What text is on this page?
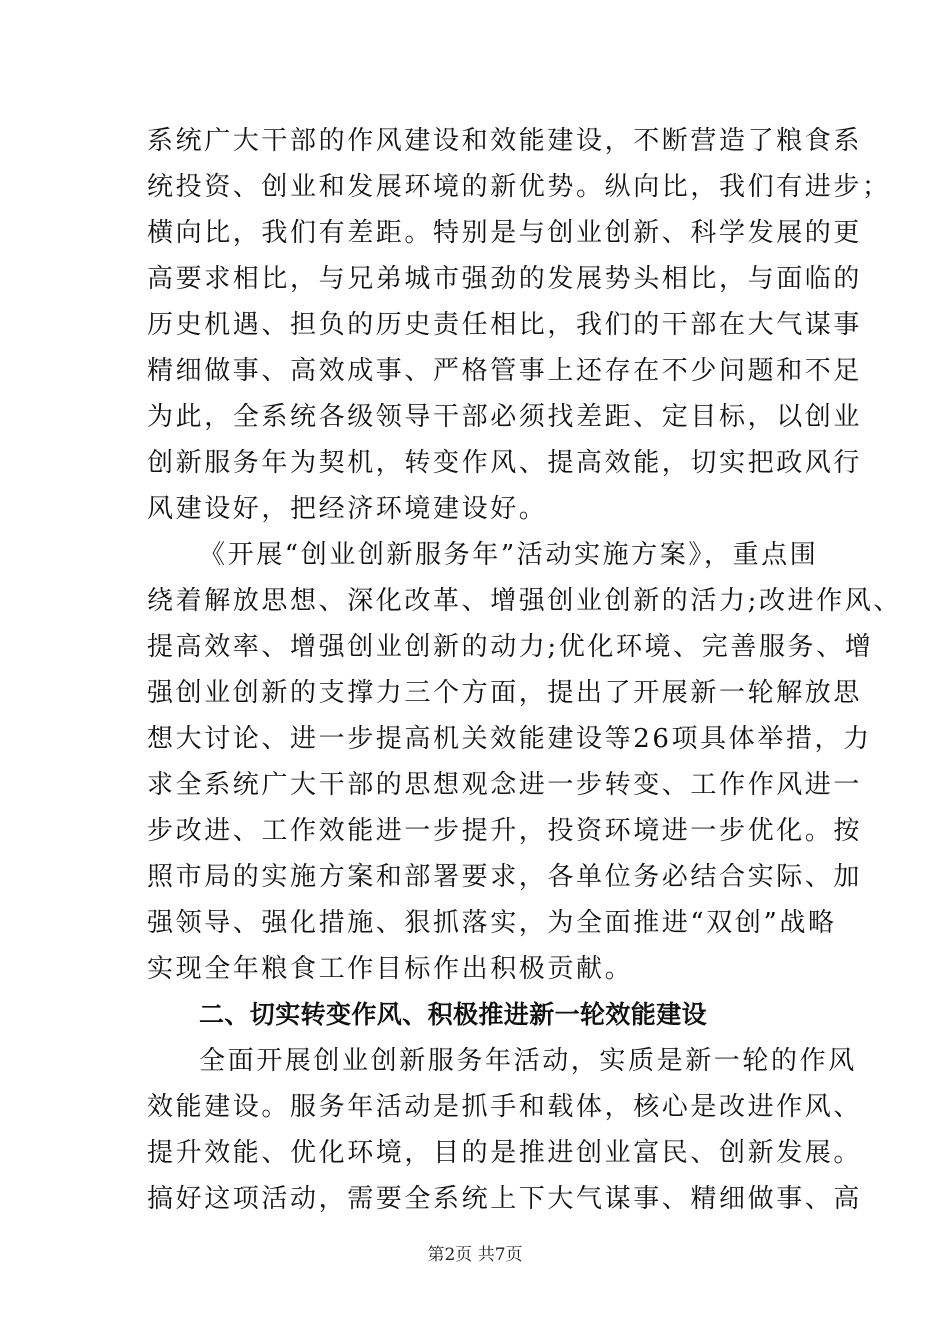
系统广大干部的作风建设和效能建设，不断营造了粮食系
统投资、创业和发展环境的新优势。纵向比，我们有进步；
横向比，我们有差距。特别是与创业创新、科学发展的更
高要求相比，与兄弟城市强劲的发展势头相比，与面临的
历史机遇、担负的历史责任相比，我们的干部在大气谋事
精细做事、高效成事、严格管事上还存在不少问题和不足
为此，全系统各级领导干部必须找差距、定目标，以创业
创新服务年为契机，转变作风、提高效能，切实把政风行
风建设好，把经济环境建设好。
《开展“创业创新服务年”活动实施方案》，重点围
绕着解放思想、深化改革、增强创业创新的活力;改进作风、
提高效率、增强创业创新的动力;优化环境、完善服务、增
强创业创新的支撑力三个方面，提出了开展新一轮解放思
想大讨论、进一步提高机关效能建设等26项具体举措，力
求全系统广大干部的思想观念进一步转变、工作作风进一
步改进、工作效能进一步提升，投资环境进一步优化。按
照市局的实施方案和部署要求，各单位务必结合实际、加
强领导、强化措施、狠抓落实，为全面推进“双创”战略
实现全年粮食工作目标作出积极贡献。
二、切实转变作风、积极推进新一轮效能建设
全面开展创业创新服务年活动，实质是新一轮的作风
效能建设。服务年活动是抓手和载体，核心是改进作风、
提升效能、优化环境，目的是推进创业富民、创新发展。
搞好这项活动，需要全系统上下大气谋事、精细做事、高
第2页 共7页
